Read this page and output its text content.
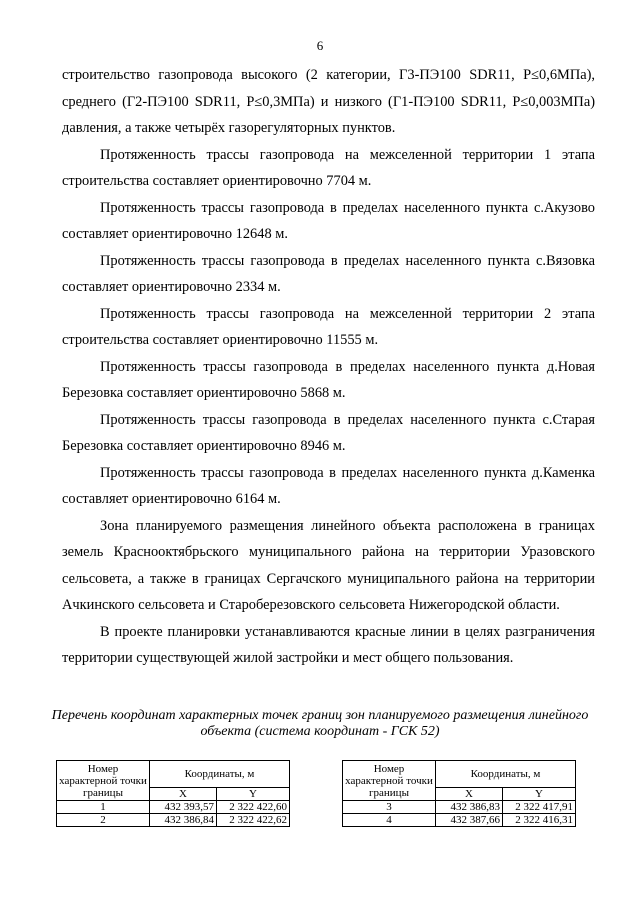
6

строительство газопровода высокого (2 категории, Г3-ПЭ100 SDR11, P≤0,6МПа), среднего (Г2-ПЭ100 SDR11, P≤0,3МПа) и низкого (Г1-ПЭ100 SDR11, P≤0,003МПа) давления, а также четырёх газорегуляторных пунктов.

Протяженность трассы газопровода на межселенной территории 1 этапа строительства составляет ориентировочно 7704 м.

Протяженность трассы газопровода в пределах населенного пункта с.Акузово составляет ориентировочно 12648 м.

Протяженность трассы газопровода в пределах населенного пункта с.Вязовка составляет ориентировочно 2334 м.

Протяженность трассы газопровода на межселенной территории 2 этапа строительства составляет ориентировочно 11555 м.

Протяженность трассы газопровода в пределах населенного пункта д.Новая Березовка составляет ориентировочно 5868 м.

Протяженность трассы газопровода в пределах населенного пункта с.Старая Березовка составляет ориентировочно 8946 м.

Протяженность трассы газопровода в пределах населенного пункта д.Каменка составляет ориентировочно 6164 м.

Зона планируемого размещения линейного объекта расположена в границах земель Краснооктябрьского муниципального района на территории Уразовского сельсовета, а также в границах Сергачского муниципального района на территории Ачкинского сельсовета и Староберезовского сельсовета Нижегородской области.

В проекте планировки устанавливаются красные линии в целях разграничения территории существующей жилой застройки и мест общего пользования.

Перечень координат характерных точек границ зон планируемого размещения линейного объекта (система координат - ГСК 52)
Номер характерной точки границы	Координаты, м	
	X	Y
1	432 393,57	2 322 422,60
2	432 386,84	2 322 422,62
Номер характерной точки границы	Координаты, м	
	X	Y
3	432 386,83	2 322 417,91
4	432 387,66	2 322 416,31
